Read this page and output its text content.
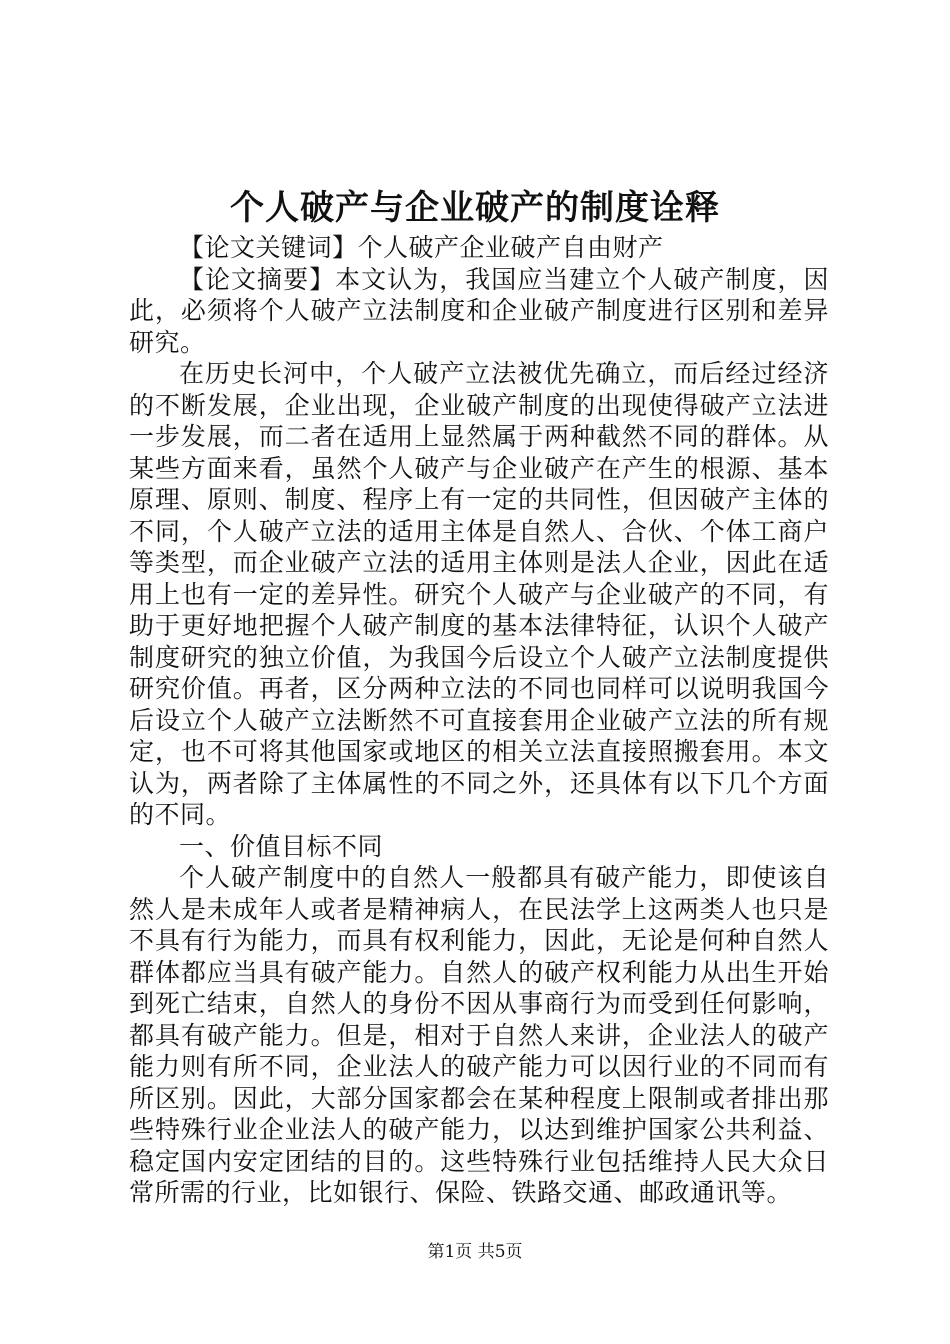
个人破产与企业破产的制度诠释

【论文关键词】个人破产企业破产自由财产

【论文摘要】本文认为，我国应当建立个人破产制度，因此，必须将个人破产立法制度和企业破产制度进行区别和差异研究。

在历史长河中，个人破产立法被优先确立，而后经过经济的不断发展，企业出现，企业破产制度的出现使得破产立法进一步发展，而二者在适用上显然属于两种截然不同的群体。从某些方面来看，虽然个人破产与企业破产在产生的根源、基本原理、原则、制度、程序上有一定的共同性，但因破产主体的不同，个人破产立法的适用主体是自然人、合伙、个体工商户等类型，而企业破产立法的适用主体则是法人企业，因此在适用上也有一定的差异性。研究个人破产与企业破产的不同，有助于更好地把握个人破产制度的基本法律特征，认识个人破产制度研究的独立价值，为我国今后设立个人破产立法制度提供研究价值。再者，区分两种立法的不同也同样可以说明我国今后设立个人破产立法断然不可直接套用企业破产立法的所有规定，也不可将其他国家或地区的相关立法直接照搬套用。本文认为，两者除了主体属性的不同之外，还具体有以下几个方面的不同。

一、价值目标不同

个人破产制度中的自然人一般都具有破产能力，即使该自然人是未成年人或者是精神病人，在民法学上这两类人也只是不具有行为能力，而具有权利能力，因此，无论是何种自然人群体都应当具有破产能力。自然人的破产权利能力从出生开始到死亡结束，自然人的身份不因从事商行为而受到任何影响，都具有破产能力。但是，相对于自然人来讲，企业法人的破产能力则有所不同，企业法人的破产能力可以因行业的不同而有所区别。因此，大部分国家都会在某种程度上限制或者排出那些特殊行业企业法人的破产能力，以达到维护国家公共利益、稳定国内安定团结的目的。这些特殊行业包括维持人民大众日常所需的行业，比如银行、保险、铁路交通、邮政通讯等。

第1页 共5页
